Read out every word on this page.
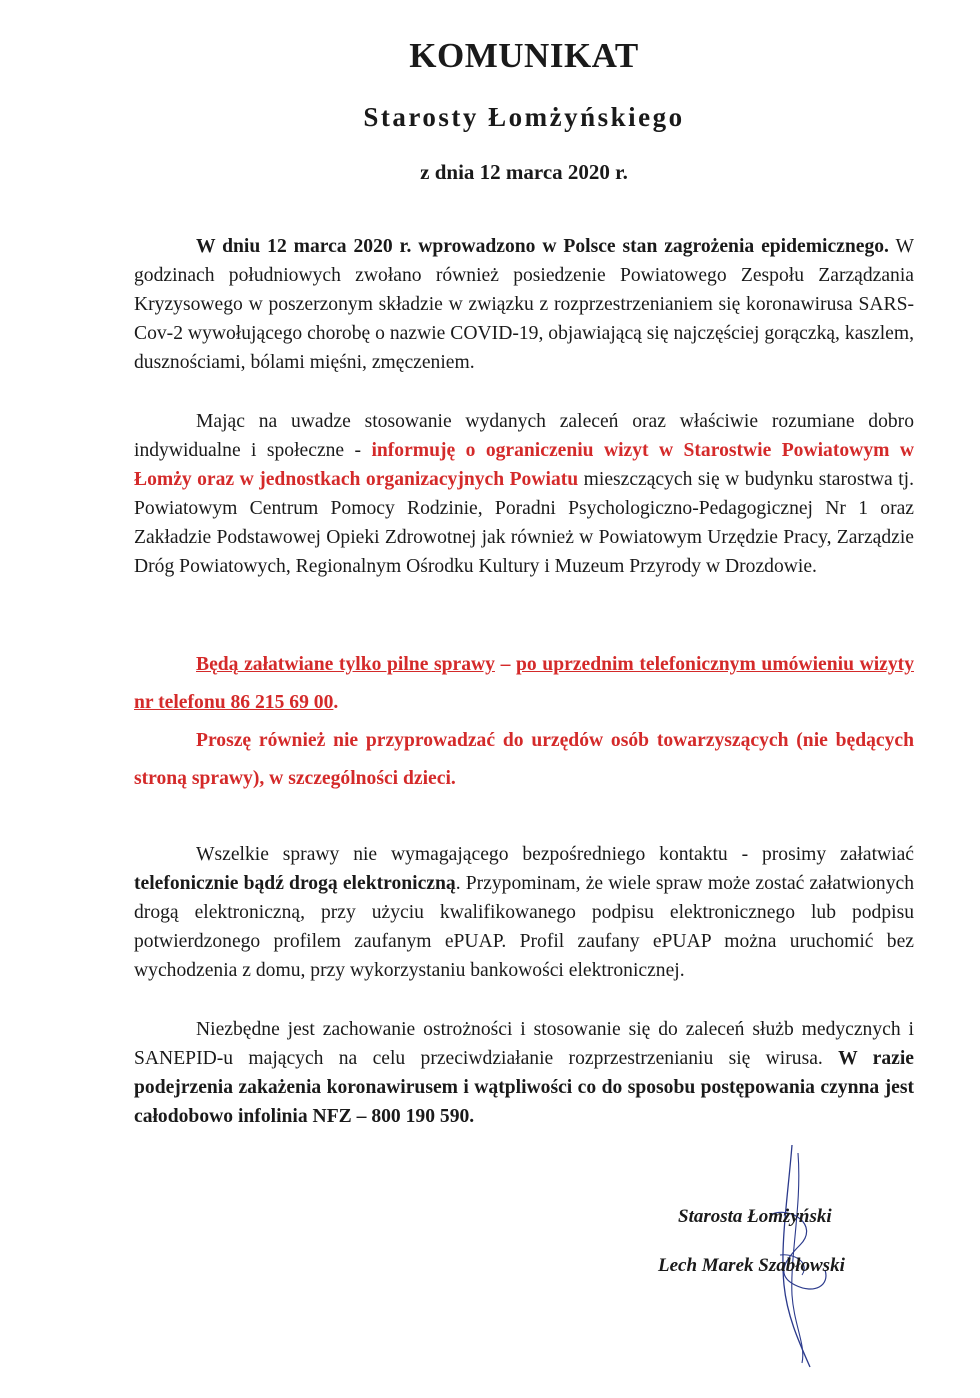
KOMUNIKAT
Starosty Łomżyńskiego
z dnia 12 marca 2020 r.

W dniu 12 marca 2020 r. wprowadzono w Polsce stan zagrożenia epidemicznego. W godzinach południowych zwołano również posiedzenie Powiatowego Zespołu Zarządzania Kryzysowego w poszerzonym składzie w związku z rozprzestrzenianiem się koronawirusa SARS-Cov-2 wywołującego chorobę o nazwie COVID-19, objawiającą się najczęściej gorączką, kaszlem, dusznościami, bólami mięśni, zmęczeniem.

Mając na uwadze stosowanie wydanych zaleceń oraz właściwie rozumiane dobro indywidualne i społeczne - informuję o ograniczeniu wizyt w Starostwie Powiatowym w Łomży oraz w jednostkach organizacyjnych Powiatu mieszczących się w budynku starostwa tj. Powiatowym Centrum Pomocy Rodzinie, Poradni Psychologiczno-Pedagogicznej Nr 1 oraz Zakładzie Podstawowej Opieki Zdrowotnej jak również w Powiatowym Urzędzie Pracy, Zarządzie Dróg Powiatowych, Regionalnym Ośrodku Kultury i Muzeum Przyrody w Drozdowie.

Będą załatwiane tylko pilne sprawy – po uprzednim telefonicznym umówieniu wizyty nr telefonu 86 215 69 00.

Proszę również nie przyprowadzać do urzędów osób towarzyszących (nie będących stroną sprawy), w szczególności dzieci.

Wszelkie sprawy nie wymagającego bezpośredniego kontaktu - prosimy załatwiać telefonicznie bądź drogą elektroniczną. Przypominam, że wiele spraw może zostać załatwionych drogą elektroniczną, przy użyciu kwalifikowanego podpisu elektronicznego lub podpisu potwierdzonego profilem zaufanym ePUAP. Profil zaufany ePUAP można uruchomić bez wychodzenia z domu, przy wykorzystaniu bankowości elektronicznej.

Niezbędne jest zachowanie ostrożności i stosowanie się do zaleceń służb medycznych i SANEPID-u mających na celu przeciwdziałanie rozprzestrzenianiu się wirusa. W razie podejrzenia zakażenia koronawirusem i wątpliwości co do sposobu postępowania czynna jest całodobowo infolinia NFZ – 800 190 590.

Starosta Łomżyński
Lech Marek Szabłowski
